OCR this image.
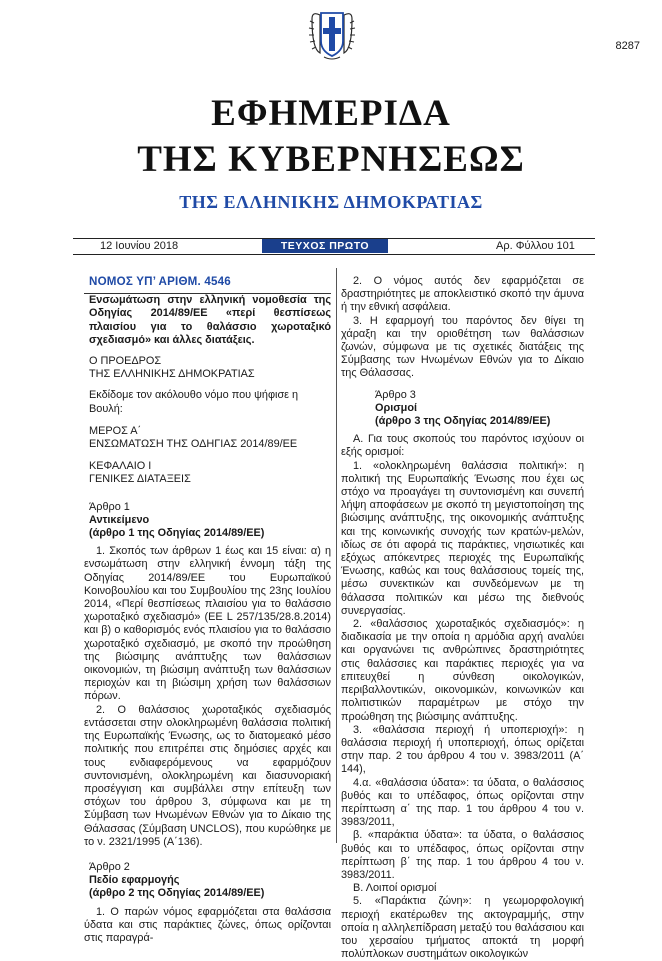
8287
ΕΦΗΜΕΡΙΔΑ
ΤΗΣ ΚΥΒΕΡΝΗΣΕΩΣ
ΤΗΣ ΕΛΛΗΝΙΚΗΣ ΔΗΜΟΚΡΑΤΙΑΣ
12 Ιουνίου 2018	ΤΕΥΧΟΣ ΠΡΩΤΟ	Αρ. Φύλλου 101
ΝΟΜΟΣ ΥΠ’ ΑΡΙΘΜ. 4546

Ενσωμάτωση στην ελληνική νομοθεσία της Οδηγίας 2014/89/ΕΕ «περί θεσπίσεως πλαισίου για το θαλάσσιο χωροταξικό σχεδιασμό» και άλλες διατάξεις.

Ο ΠΡΟΕΔΡΟΣ

ΤΗΣ ΕΛΛΗΝΙΚΗΣ ΔΗΜΟΚΡΑΤΙΑΣ

Εκδίδομε τον ακόλουθο νόμο που ψήφισε η Βουλή:

ΜΕΡΟΣ Α΄

ΕΝΣΩΜΑΤΩΣΗ ΤΗΣ ΟΔΗΓΙΑΣ 2014/89/ΕΕ

ΚΕΦΑΛΑΙΟ Ι

ΓΕΝΙΚΕΣ ΔΙΑΤΑΞΕΙΣ

Άρθρο 1

Αντικείμενο

(άρθρο 1 της Οδηγίας 2014/89/ΕΕ)

1. Σκοπός των άρθρων 1 έως και 15 είναι: α) η ενσωμάτωση στην ελληνική έννομη τάξη της Οδηγίας 2014/89/ΕΕ του Ευρωπαϊκού Κοινοβουλίου και του Συμβουλίου της 23ης Ιουλίου 2014, «Περί θεσπίσεως πλαισίου για το θαλάσσιο χωροταξικό σχεδιασμό» (ΕΕ L 257/135/28.8.2014) και β) ο καθορισμός ενός πλαισίου για το θαλάσσιο χωροταξικό σχεδιασμό, με σκοπό την προώθηση της βιώσιμης ανάπτυξης των θαλάσσιων οικονομιών, τη βιώσιμη ανάπτυξη των θαλάσσιων περιοχών και τη βιώσιμη χρήση των θαλάσσιων πόρων.

2. Ο θαλάσσιος χωροταξικός σχεδιασμός εντάσσεται στην ολοκληρωμένη θαλάσσια πολιτική της Ευρωπαϊκής Ένωσης, ως το διατομεακό μέσο πολιτικής που επιτρέπει στις δημόσιες αρχές και τους ενδιαφερόμενους να εφαρμόζουν συντονισμένη, ολοκληρωμένη και διασυνοριακή προσέγγιση και συμβάλλει στην επίτευξη των στόχων του άρθρου 3, σύμφωνα και με τη Σύμβαση των Ηνωμένων Εθνών για το Δίκαιο της Θάλασσας (Σύμβαση UNCLOS), που κυρώθηκε με το ν. 2321/1995 (Α΄136).

Άρθρο 2

Πεδίο εφαρμογής

(άρθρο 2 της Οδηγίας 2014/89/ΕΕ)

1. Ο παρών νόμος εφαρμόζεται στα θαλάσσια ύδατα και στις παράκτιες ζώνες, όπως ορίζονται στις παραγρά-

2. Ο νόμος αυτός δεν εφαρμόζεται σε δραστηριότητες με αποκλειστικό σκοπό την άμυνα ή την εθνική ασφάλεια.

3. Η εφαρμογή του παρόντος δεν θίγει τη χάραξη και την οριοθέτηση των θαλάσσιων ζωνών, σύμφωνα με τις σχετικές διατάξεις της Σύμβασης των Ηνωμένων Εθνών για το Δίκαιο της Θάλασσας.

Άρθρο 3

Ορισμοί

(άρθρο 3 της Οδηγίας 2014/89/ΕΕ)

Α. Για τους σκοπούς του παρόντος ισχύουν οι εξής ορισμοί:

1. «ολοκληρωμένη θαλάσσια πολιτική»: η πολιτική της Ευρωπαϊκής Ένωσης που έχει ως στόχο να προαγάγει τη συντονισμένη και συνεπή λήψη αποφάσεων με σκοπό τη μεγιστοποίηση της βιώσιμης ανάπτυξης, της οικονομικής ανάπτυξης και της κοινωνικής συνοχής των κρατών-μελών, ιδίως σε ότι αφορά τις παράκτιες, νησιωτικές και εξόχως απόκεντρες περιοχές της Ευρωπαϊκής Ένωσης, καθώς και τους θαλάσσιους τομείς της, μέσω συνεκτικών και συνδεόμενων με τη θάλασσα πολιτικών και μέσω της διεθνούς συνεργασίας.

2. «θαλάσσιος χωροταξικός σχεδιασμός»: η διαδικασία με την οποία η αρμόδια αρχή αναλύει και οργανώνει τις ανθρώπινες δραστηριότητες στις θαλάσσιες και παράκτιες περιοχές για να επιτευχθεί η σύνθεση οικολογικών, περιβαλλοντικών, οικονομικών, κοινωνικών και πολιτιστικών παραμέτρων με στόχο την προώθηση της βιώσιμης ανάπτυξης.

3. «θαλάσσια περιοχή ή υποπεριοχή»: η θαλάσσια περιοχή ή υποπεριοχή, όπως ορίζεται στην παρ. 2 του άρθρου 4 του ν. 3983/2011 (Α΄ 144),

4.α. «θαλάσσια ύδατα»: τα ύδατα, ο θαλάσσιος βυθός και το υπέδαφος, όπως ορίζονται στην περίπτωση α΄ της παρ. 1 του άρθρου 4 του ν. 3983/2011,

β. «παράκτια ύδατα»: τα ύδατα, ο θαλάσσιος βυθός και το υπέδαφος, όπως ορίζονται στην περίπτωση β΄ της παρ. 1 του άρθρου 4 του ν. 3983/2011.

Β. Λοιποί ορισμοί

5. «Παράκτια ζώνη»: η γεωμορφολογική περιοχή εκατέρωθεν της ακτογραμμής, στην οποία η αλληλεπίδραση μεταξύ του θαλάσσιου και του χερσαίου τμήματος αποκτά τη μορφή πολύπλοκων συστημάτων οικολογικών
